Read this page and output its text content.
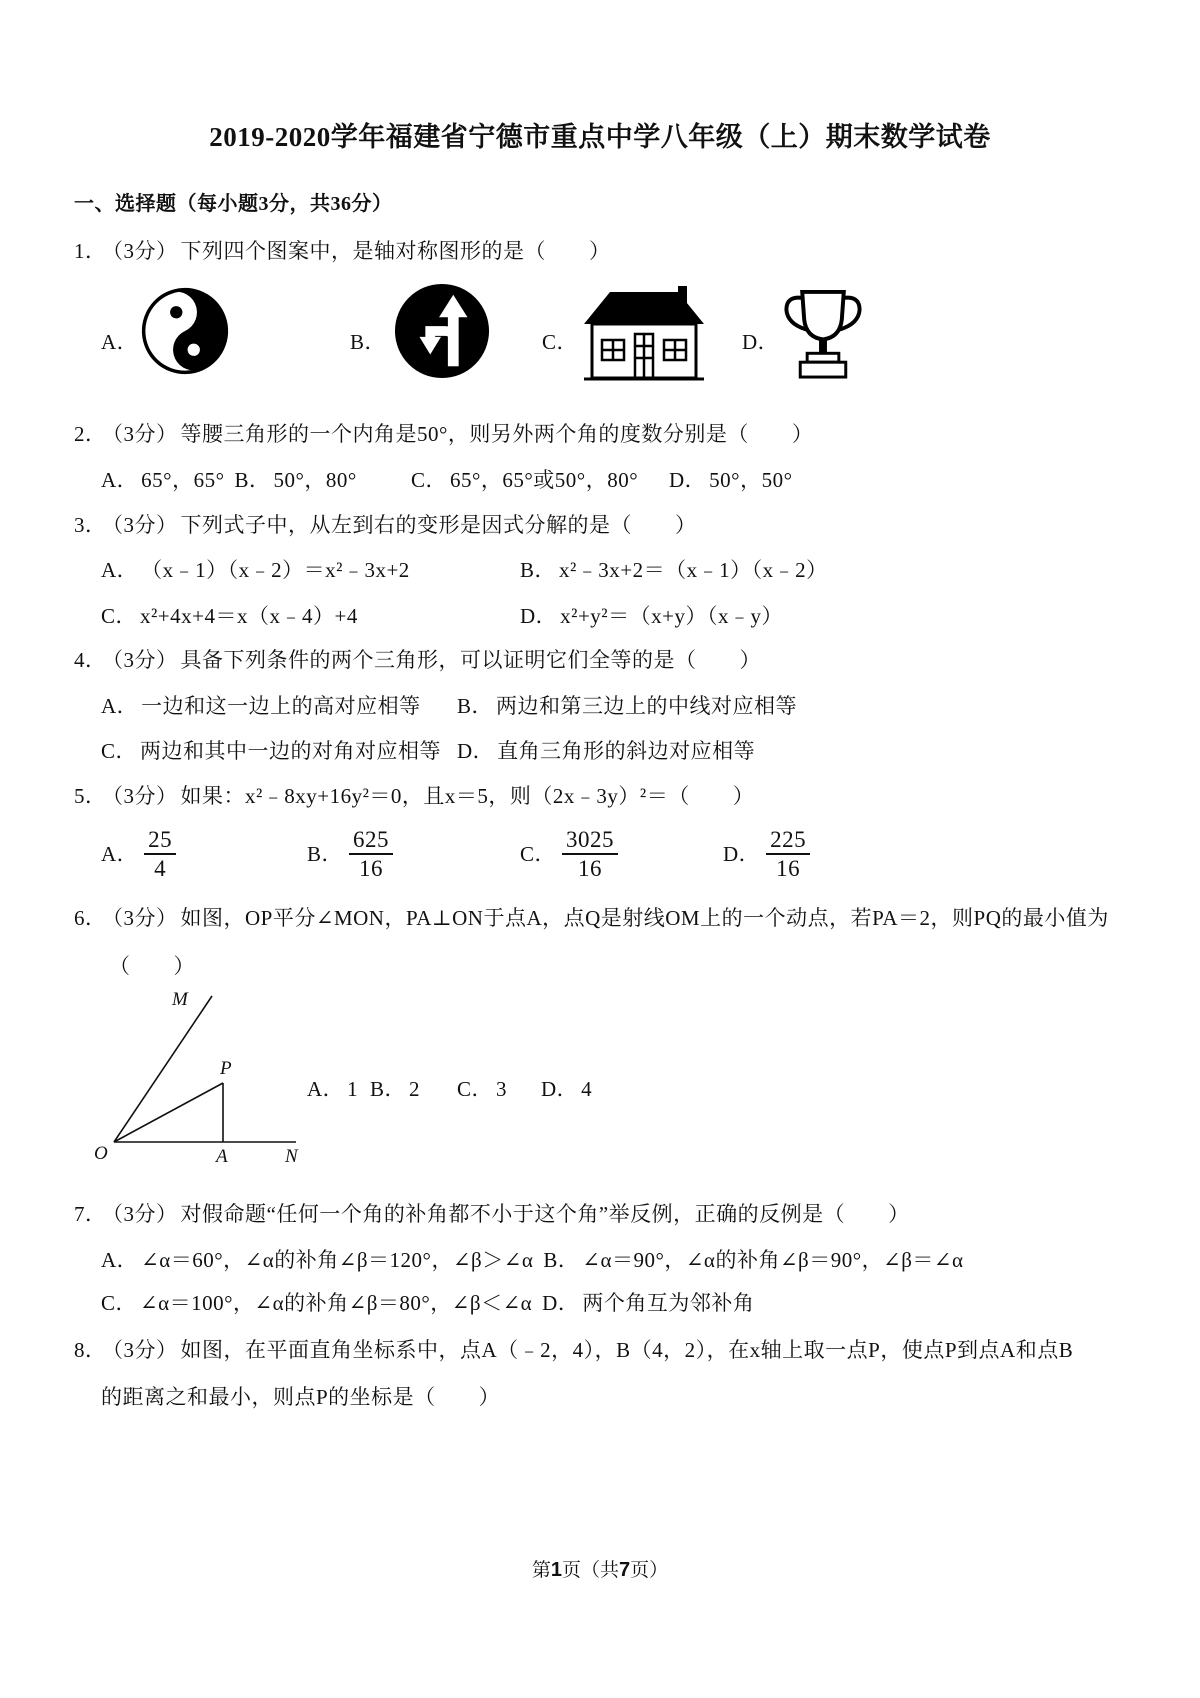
2019-2020学年福建省宁德市重点中学八年级（上）期末数学试卷
一、选择题（每小题3分，共36分）
1． （3分） 下列四个图案中，是轴对称图形的是（　　）
A．	B．	C．	D．
2． （3分） 等腰三角形的一个内角是50°，则另外两个角的度数分别是（　　）
A． 65°，65° B． 50°，80°	C． 65°，65°或50°，80° D． 50°，50°
3． （3分） 下列式子中，从左到右的变形是因式分解的是（　　）
A． （x﹣1）（x﹣2）＝x²﹣3x+2	B． x²﹣3x+2＝（x﹣1）（x﹣2）
C． x²+4x+4＝x（x﹣4）+4	D． x²+y²＝（x+y）（x﹣y）
4． （3分） 具备下列条件的两个三角形，可以证明它们全等的是（　　）
A． 一边和这一边上的高对应相等 B． 两边和第三边上的中线对应相等
C． 两边和其中一边的对角对应相等 D． 直角三角形的斜边对应相等
5． （3分） 如果：x²﹣8xy+16y²＝0，且x＝5，则（2x﹣3y）²＝（　　）
A． $\frac{25}{4}$	B． $\frac{625}{16}$	C． $\frac{3025}{16}$	D． $\frac{225}{16}$
6． （3分） 如图，OP平分∠MON，PA⊥ON于点A，点Q是射线OM上的一个动点，若PA＝2，则PQ的最小值为
（　　）
M
P
O	A	N
A． 1 B． 2 C． 3 D． 4
7． （3分） 对假命题“任何一个角的补角都不小于这个角”举反例，正确的反例是（　　）
A． ∠α＝60°，∠α的补角∠β＝120°，∠β＞∠α B． ∠α＝90°，∠α的补角∠β＝90°，∠β＝∠α
C． ∠α＝100°，∠α的补角∠β＝80°，∠β＜∠α D． 两个角互为邻补角
8． （3分） 如图，在平面直角坐标系中，点A（﹣2，4），B（4，2），在x轴上取一点P，使点P到点A和点B
的距离之和最小，则点P的坐标是（　　）
第1页（共7页）
